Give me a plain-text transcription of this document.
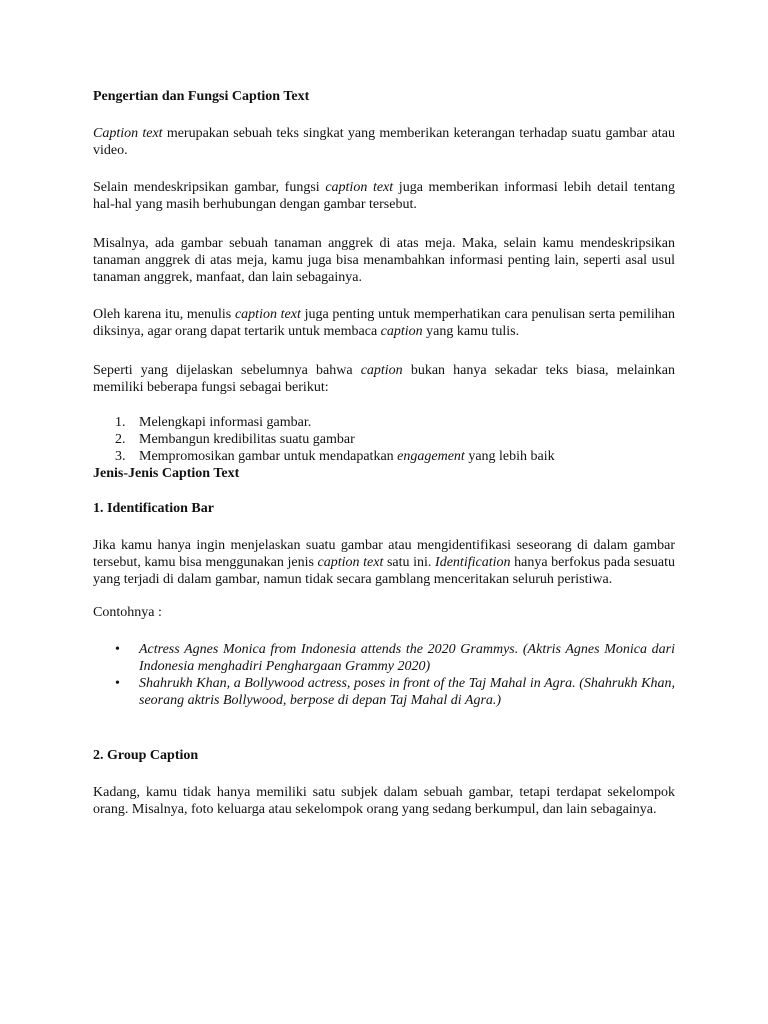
Pengertian dan Fungsi Caption Text

Caption text merupakan sebuah teks singkat yang memberikan keterangan terhadap suatu gambar atau video.

Selain mendeskripsikan gambar, fungsi caption text juga memberikan informasi lebih detail tentang hal-hal yang masih berhubungan dengan gambar tersebut.

Misalnya, ada gambar sebuah tanaman anggrek di atas meja. Maka, selain kamu mendeskripsikan tanaman anggrek di atas meja, kamu juga bisa menambahkan informasi penting lain, seperti asal usul tanaman anggrek, manfaat, dan lain sebagainya.

Oleh karena itu, menulis caption text juga penting untuk memperhatikan cara penulisan serta pemilihan diksinya, agar orang dapat tertarik untuk membaca caption yang kamu tulis.

Seperti yang dijelaskan sebelumnya bahwa caption bukan hanya sekadar teks biasa, melainkan memiliki beberapa fungsi sebagai berikut:

1. Melengkapi informasi gambar.
2. Membangun kredibilitas suatu gambar
3. Mempromosikan gambar untuk mendapatkan engagement yang lebih baik

Jenis-Jenis Caption Text

1. Identification Bar

Jika kamu hanya ingin menjelaskan suatu gambar atau mengidentifikasi seseorang di dalam gambar tersebut, kamu bisa menggunakan jenis caption text satu ini. Identification hanya berfokus pada sesuatu yang terjadi di dalam gambar, namun tidak secara gamblang menceritakan seluruh peristiwa.

Contohnya :

• Actress Agnes Monica from Indonesia attends the 2020 Grammys. (Aktris Agnes Monica dari Indonesia menghadiri Penghargaan Grammy 2020)
• Shahrukh Khan, a Bollywood actress, poses in front of the Taj Mahal in Agra. (Shahrukh Khan, seorang aktris Bollywood, berpose di depan Taj Mahal di Agra.)

2. Group Caption

Kadang, kamu tidak hanya memiliki satu subjek dalam sebuah gambar, tetapi terdapat sekelompok orang. Misalnya, foto keluarga atau sekelompok orang yang sedang berkumpul, dan lain sebagainya.
